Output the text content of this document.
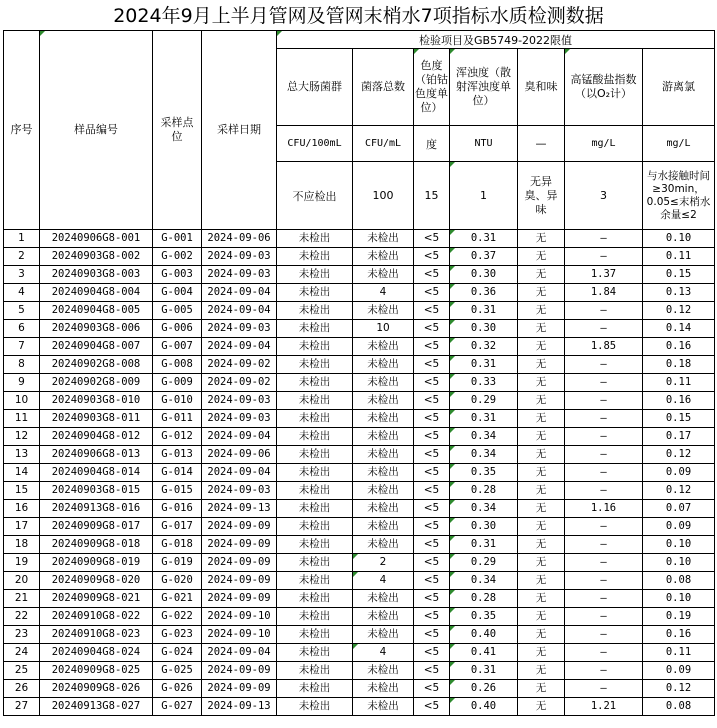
2024年9月上半月管网及管网末梢水7项指标水质检测数据
序号	样品编号	采样点位	采样日期	检验项目及GB5749-2022限值						
				总大肠菌群	菌落总数	色度（铂钴色度单位）	浑浊度（散射浑浊度单位）	臭和味	高锰酸盐指数（以O₂计）	游离氯
				CFU/100mL	CFU/mL	度	NTU	—	mg/L	mg/L
				不应检出	100	15	1	无异臭、异味	3	与水接触时间≥30min，0.05≤末梢水余量≤2
1	20240906G8-001	G-001	2024-09-06	未检出	未检出	<5	0.31	无	—	0.10
2	20240903G8-002	G-002	2024-09-03	未检出	未检出	<5	0.37	无	—	0.11
3	20240903G8-003	G-003	2024-09-03	未检出	未检出	<5	0.30	无	1.37	0.15
4	20240904G8-004	G-004	2024-09-04	未检出	4	<5	0.36	无	1.84	0.13
5	20240904G8-005	G-005	2024-09-04	未检出	未检出	<5	0.31	无	—	0.12
6	20240903G8-006	G-006	2024-09-03	未检出	10	<5	0.30	无	—	0.14
7	20240904G8-007	G-007	2024-09-04	未检出	未检出	<5	0.32	无	1.85	0.16
8	20240902G8-008	G-008	2024-09-02	未检出	未检出	<5	0.31	无	—	0.18
9	20240902G8-009	G-009	2024-09-02	未检出	未检出	<5	0.33	无	—	0.11
10	20240903G8-010	G-010	2024-09-03	未检出	未检出	<5	0.29	无	—	0.16
11	20240903G8-011	G-011	2024-09-03	未检出	未检出	<5	0.31	无	—	0.15
12	20240904G8-012	G-012	2024-09-04	未检出	未检出	<5	0.34	无	—	0.17
13	20240906G8-013	G-013	2024-09-06	未检出	未检出	<5	0.34	无	—	0.12
14	20240904G8-014	G-014	2024-09-04	未检出	未检出	<5	0.35	无	—	0.09
15	20240903G8-015	G-015	2024-09-03	未检出	未检出	<5	0.28	无	—	0.12
16	20240913G8-016	G-016	2024-09-13	未检出	未检出	<5	0.34	无	1.16	0.07
17	20240909G8-017	G-017	2024-09-09	未检出	未检出	<5	0.30	无	—	0.09
18	20240909G8-018	G-018	2024-09-09	未检出	未检出	<5	0.31	无	—	0.10
19	20240909G8-019	G-019	2024-09-09	未检出	2	<5	0.29	无	—	0.10
20	20240909G8-020	G-020	2024-09-09	未检出	4	<5	0.34	无	—	0.08
21	20240909G8-021	G-021	2024-09-09	未检出	未检出	<5	0.28	无	—	0.10
22	20240910G8-022	G-022	2024-09-10	未检出	未检出	<5	0.35	无	—	0.19
23	20240910G8-023	G-023	2024-09-10	未检出	未检出	<5	0.40	无	—	0.16
24	20240904G8-024	G-024	2024-09-04	未检出	4	<5	0.41	无	—	0.11
25	20240909G8-025	G-025	2024-09-09	未检出	未检出	<5	0.31	无	—	0.09
26	20240909G8-026	G-026	2024-09-09	未检出	未检出	<5	0.26	无	—	0.12
27	20240913G8-027	G-027	2024-09-13	未检出	未检出	<5	0.40	无	1.21	0.08
